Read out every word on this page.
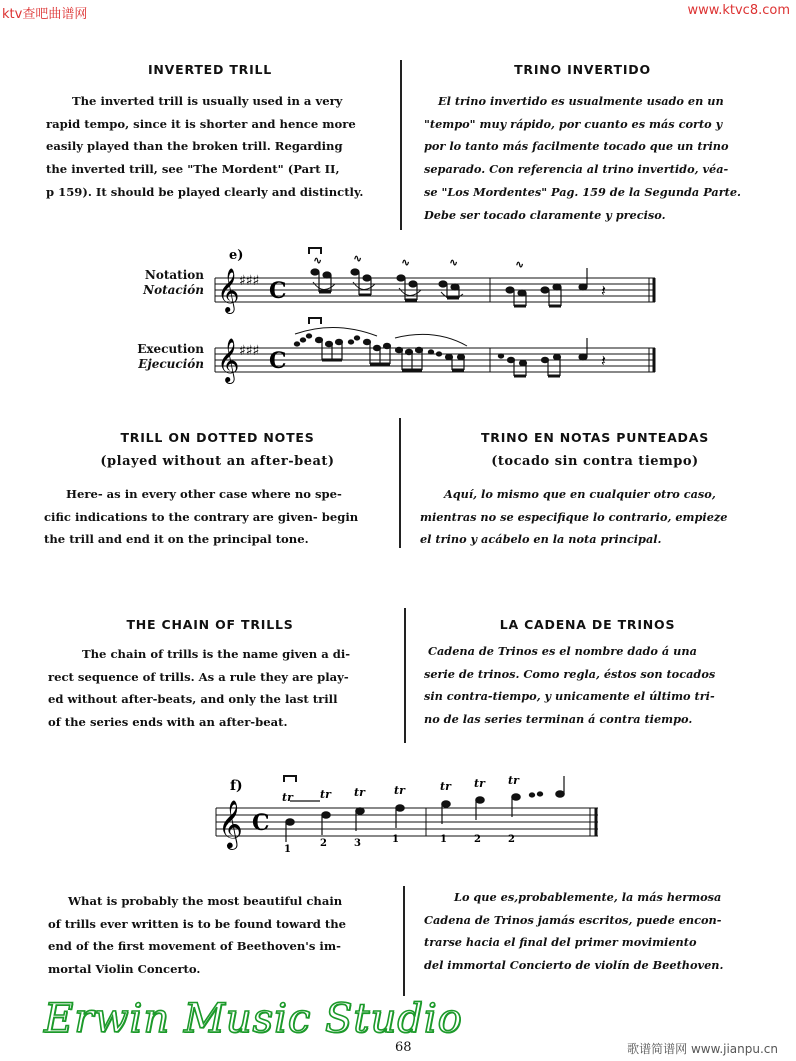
ktv查吧曲谱网	www.ktvc8.com
INVERTED TRILL	TRINO INVERTIDO
The inverted trill is usually used in a very
rapid tempo, since it is shorter and hence more
easily played than the broken trill. Regarding
the inverted trill, see "The Mordent" (Part II,
p 159). It should be played clearly and distinctly.
El trino invertido es usualmente usado en un
"tempo" muy rápido, por cuanto es más corto y
por lo tanto más facilmente tocado que un trino
separado. Con referencia al trino invertido, véa-
se "Los Mordentes" Pag. 159 de la Segunda Parte.
Debe ser tocado claramente y preciso.
Notation
Notación
Execution
Ejecución
e)
𝄞 ♯♯♯ C	𝄽
∿	∿	∿	∿	∿
𝄞 ♯♯♯ C	𝄽
TRILL ON DOTTED NOTES
(played without an after-beat)
TRINO EN NOTAS PUNTEADAS
(tocado sin contra tiempo)
Here- as in every other case where no spe-
cific indications to the contrary are given- begin
the trill and end it on the principal tone.
Aquí, lo mismo que en cualquier otro caso,
mientras no se especifique lo contrario, empieze
el trino y acábelo en la nota principal.
THE CHAIN OF TRILLS	LA CADENA DE TRINOS
The chain of trills is the name given a di-
rect sequence of trills. As a rule they are play-
ed without after-beats, and only the last trill
of the series ends with an after-beat.
Cadena de Trinos es el nombre dado á una
serie de trinos. Como regla, éstos son tocados
sin contra-tiempo, y unicamente el último tri-
no de las series terminan á contra tiempo.
f)
𝄞 C
tr tr tr	tr	tr tr tr
1
2	3	1	1	2	2
What is probably the most beautiful chain
of trills ever written is to be found toward the
end of the first movement of Beethoven's im-
mortal Violin Concerto.
Lo que es,probablemente, la más hermosa
Cadena de Trinos jamás escritos, puede encon-
trarse hacia el final del primer movimiento
del immortal Concierto de violín de Beethoven.
Erwin Music Studio
68	歌谱简谱网 www.jianpu.cn
